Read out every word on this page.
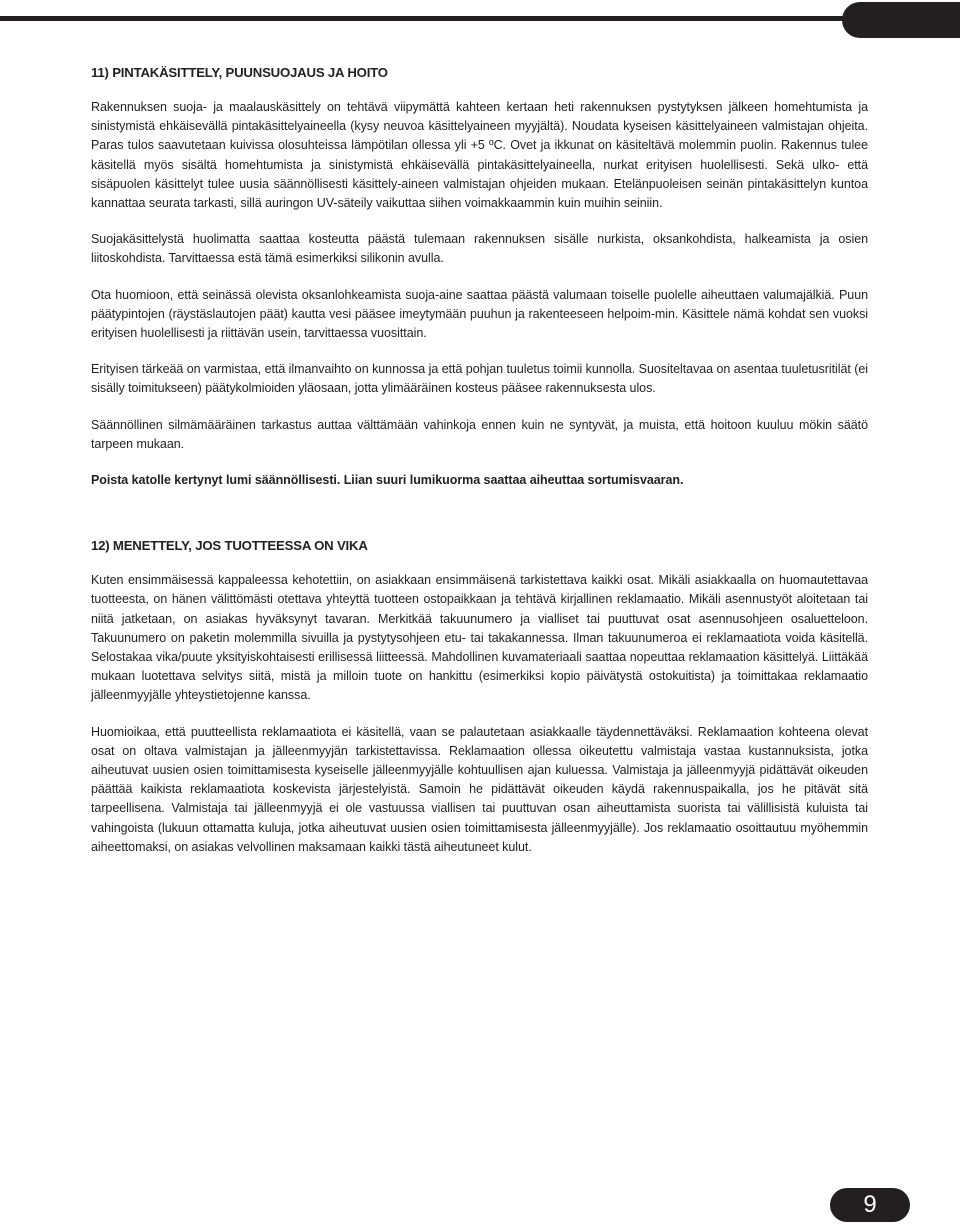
11) PINTAKÄSITTELY, PUUNSUOJAUS JA HOITO

Rakennuksen suoja- ja maalauskäsittely on tehtävä viipymättä kahteen kertaan heti rakennuksen pystytyksen jälkeen homehtumista ja sinistymistä ehkäisevällä pintakäsittelyaineella (kysy neuvoa käsittelyaineen myyjältä). Noudata kyseisen käsittelyaineen valmistajan ohjeita. Paras tulos saavutetaan kuivissa olosuhteissa lämpötilan ollessa yli +5 ºC. Ovet ja ikkunat on käsiteltävä molemmin puolin. Rakennus tulee käsitellä myös sisältä homehtumista ja sinistymistä ehkäisevällä pintakäsittelyaineella, nurkat erityisen huolellisesti. Sekä ulko- että sisäpuolen käsittelyt tulee uusia säännöllisesti käsittely-aineen valmistajan ohjeiden mukaan. Etelänpuoleisen seinän pintakäsittelyn kuntoa kannattaa seurata tarkasti, sillä auringon UV-säteily vaikuttaa siihen voimakkaammin kuin muihin seiniin.

Suojakäsittelystä huolimatta saattaa kosteutta päästä tulemaan rakennuksen sisälle nurkista, oksankohdista, halkeamista ja osien liitoskohdista. Tarvittaessa estä tämä esimerkiksi silikonin avulla.

Ota huomioon, että seinässä olevista oksanlohkeamista suoja-aine saattaa päästä valumaan toiselle puolelle aiheuttaen valumajälkiä. Puun päätypintojen (räystäslautojen päät) kautta vesi pääsee imeytymään puuhun ja rakenteeseen helpoim-min. Käsittele nämä kohdat sen vuoksi erityisen huolellisesti ja riittävän usein, tarvittaessa vuosittain.

Erityisen tärkeää on varmistaa, että ilmanvaihto on kunnossa ja että pohjan tuuletus toimii kunnolla. Suositeltavaa on asentaa tuuletusritilät (ei sisälly toimitukseen) päätykolmioiden yläosaan, jotta ylimääräinen kosteus pääsee rakennuksesta ulos.

Säännöllinen silmämääräinen tarkastus auttaa välttämään vahinkoja ennen kuin ne syntyvät, ja muista, että hoitoon kuuluu mökin säätö tarpeen mukaan.

Poista katolle kertynyt lumi säännöllisesti. Liian suuri lumikuorma saattaa aiheuttaa sortumisvaaran.

12) MENETTELY, JOS TUOTTEESSA ON VIKA

Kuten ensimmäisessä kappaleessa kehotettiin, on asiakkaan ensimmäisenä tarkistettava kaikki osat. Mikäli asiakkaalla on huomautettavaa tuotteesta, on hänen välittömästi otettava yhteyttä tuotteen ostopaikkaan ja tehtävä kirjallinen reklamaatio. Mikäli asennustyöt aloitetaan tai niitä jatketaan, on asiakas hyväksynyt tavaran. Merkitkää takuunumero ja vialliset tai puuttuvat osat asennusohjeen osaluetteloon. Takuunumero on paketin molemmilla sivuilla ja pystytysohjeen etu- tai takakannessa. Ilman takuunumeroa ei reklamaatiota voida käsitellä. Selostakaa vika/puute yksityiskohtaisesti erillisessä liitteessä. Mahdollinen kuvamateriaali saattaa nopeuttaa reklamaation käsittelyä. Liittäkää mukaan luotettava selvitys siitä, mistä ja milloin tuote on hankittu (esimerkiksi kopio päivätystä ostokuitista) ja toimittakaa reklamaatio jälleenmyyjälle yhteystietojenne kanssa.

Huomioikaa, että puutteellista reklamaatiota ei käsitellä, vaan se palautetaan asiakkaalle täydennettäväksi. Reklamaation kohteena olevat osat on oltava valmistajan ja jälleenmyyjän tarkistettavissa. Reklamaation ollessa oikeutettu valmistaja vastaa kustannuksista, jotka aiheutuvat uusien osien toimittamisesta kyseiselle jälleenmyyjälle kohtuullisen ajan kuluessa. Valmistaja ja jälleenmyyjä pidättävät oikeuden päättää kaikista reklamaatiota koskevista järjestelyistä. Samoin he pidättävät oikeuden käydä rakennuspaikalla, jos he pitävät sitä tarpeellisena. Valmistaja tai jälleenmyyjä ei ole vastuussa viallisen tai puuttuvan osan aiheuttamista suorista tai välillisistä kuluista tai vahingoista (lukuun ottamatta kuluja, jotka aiheutuvat uusien osien toimittamisesta jälleenmyyjälle). Jos reklamaatio osoittautuu myöhemmin aiheettomaksi, on asiakas velvollinen maksamaan kaikki tästä aiheutuneet kulut.

9
